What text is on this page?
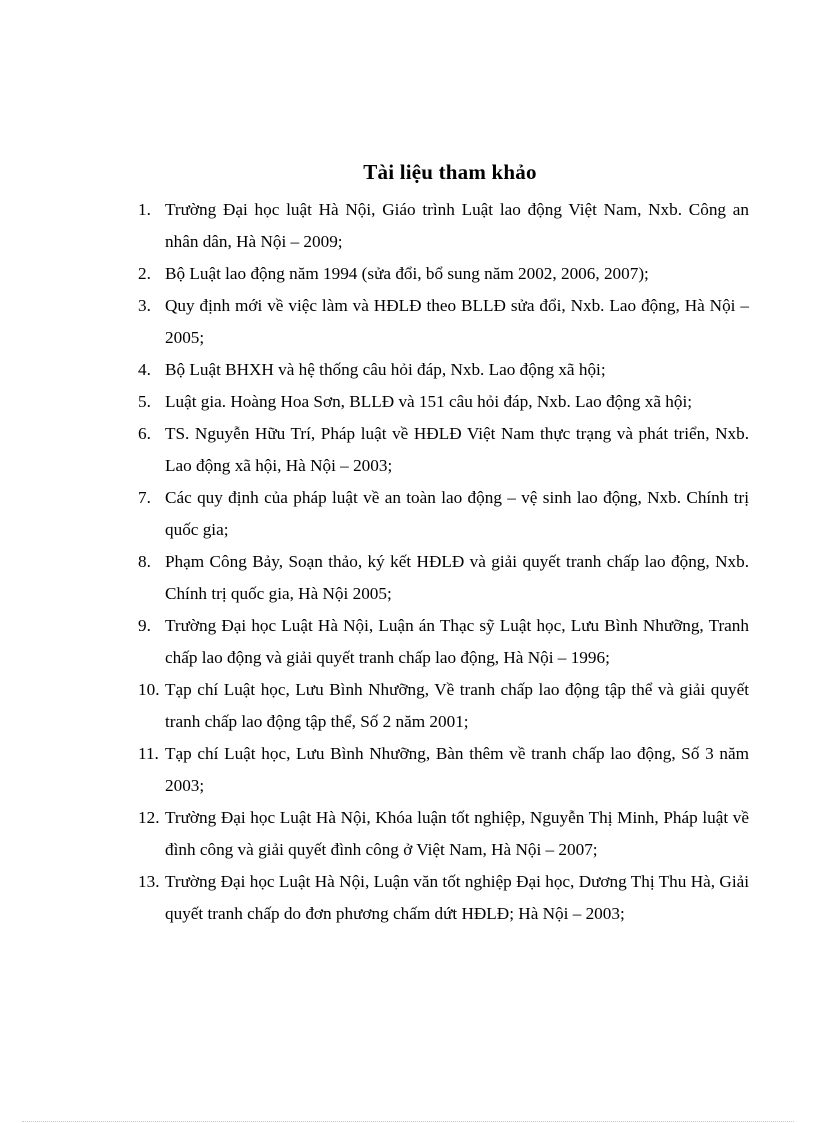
Tài liệu tham khảo
1. Trường Đại học luật Hà Nội, Giáo trình Luật lao động Việt Nam, Nxb. Công an nhân dân, Hà Nội – 2009;
2. Bộ Luật lao động năm 1994 (sửa đổi, bổ sung năm 2002, 2006, 2007);
3. Quy định mới về việc làm và HĐLĐ theo BLLĐ sửa đổi, Nxb. Lao động, Hà Nội – 2005;
4. Bộ Luật BHXH và hệ thống câu hỏi đáp, Nxb. Lao động xã hội;
5. Luật gia. Hoàng Hoa Sơn, BLLĐ và 151 câu hỏi đáp, Nxb. Lao động xã hội;
6. TS. Nguyễn Hữu Trí, Pháp luật về HĐLĐ Việt Nam thực trạng và phát triển, Nxb. Lao động xã hội, Hà Nội – 2003;
7. Các quy định của pháp luật về an toàn lao động – vệ sinh lao động, Nxb. Chính trị quốc gia;
8. Phạm Công Bảy, Soạn thảo, ký kết HĐLĐ và giải quyết tranh chấp lao động, Nxb. Chính trị quốc gia, Hà Nội 2005;
9. Trường Đại học Luật Hà Nội, Luận án Thạc sỹ Luật học, Lưu Bình Nhưỡng, Tranh chấp lao động và giải quyết tranh chấp lao động, Hà Nội – 1996;
10. Tạp chí Luật học, Lưu Bình Nhưỡng, Về tranh chấp lao động tập thể và giải quyết tranh chấp lao động tập thể, Số 2 năm 2001;
11. Tạp chí Luật học, Lưu Bình Nhưỡng, Bàn thêm về tranh chấp lao động, Số 3 năm 2003;
12. Trường Đại học Luật Hà Nội, Khóa luận tốt nghiệp, Nguyễn Thị Minh, Pháp luật về đình công và giải quyết đình công ở Việt Nam, Hà Nội – 2007;
13. Trường Đại học Luật Hà Nội, Luận văn tốt nghiệp Đại học, Dương Thị Thu Hà, Giải quyết tranh chấp do đơn phương chấm dứt HĐLĐ; Hà Nội – 2003;
